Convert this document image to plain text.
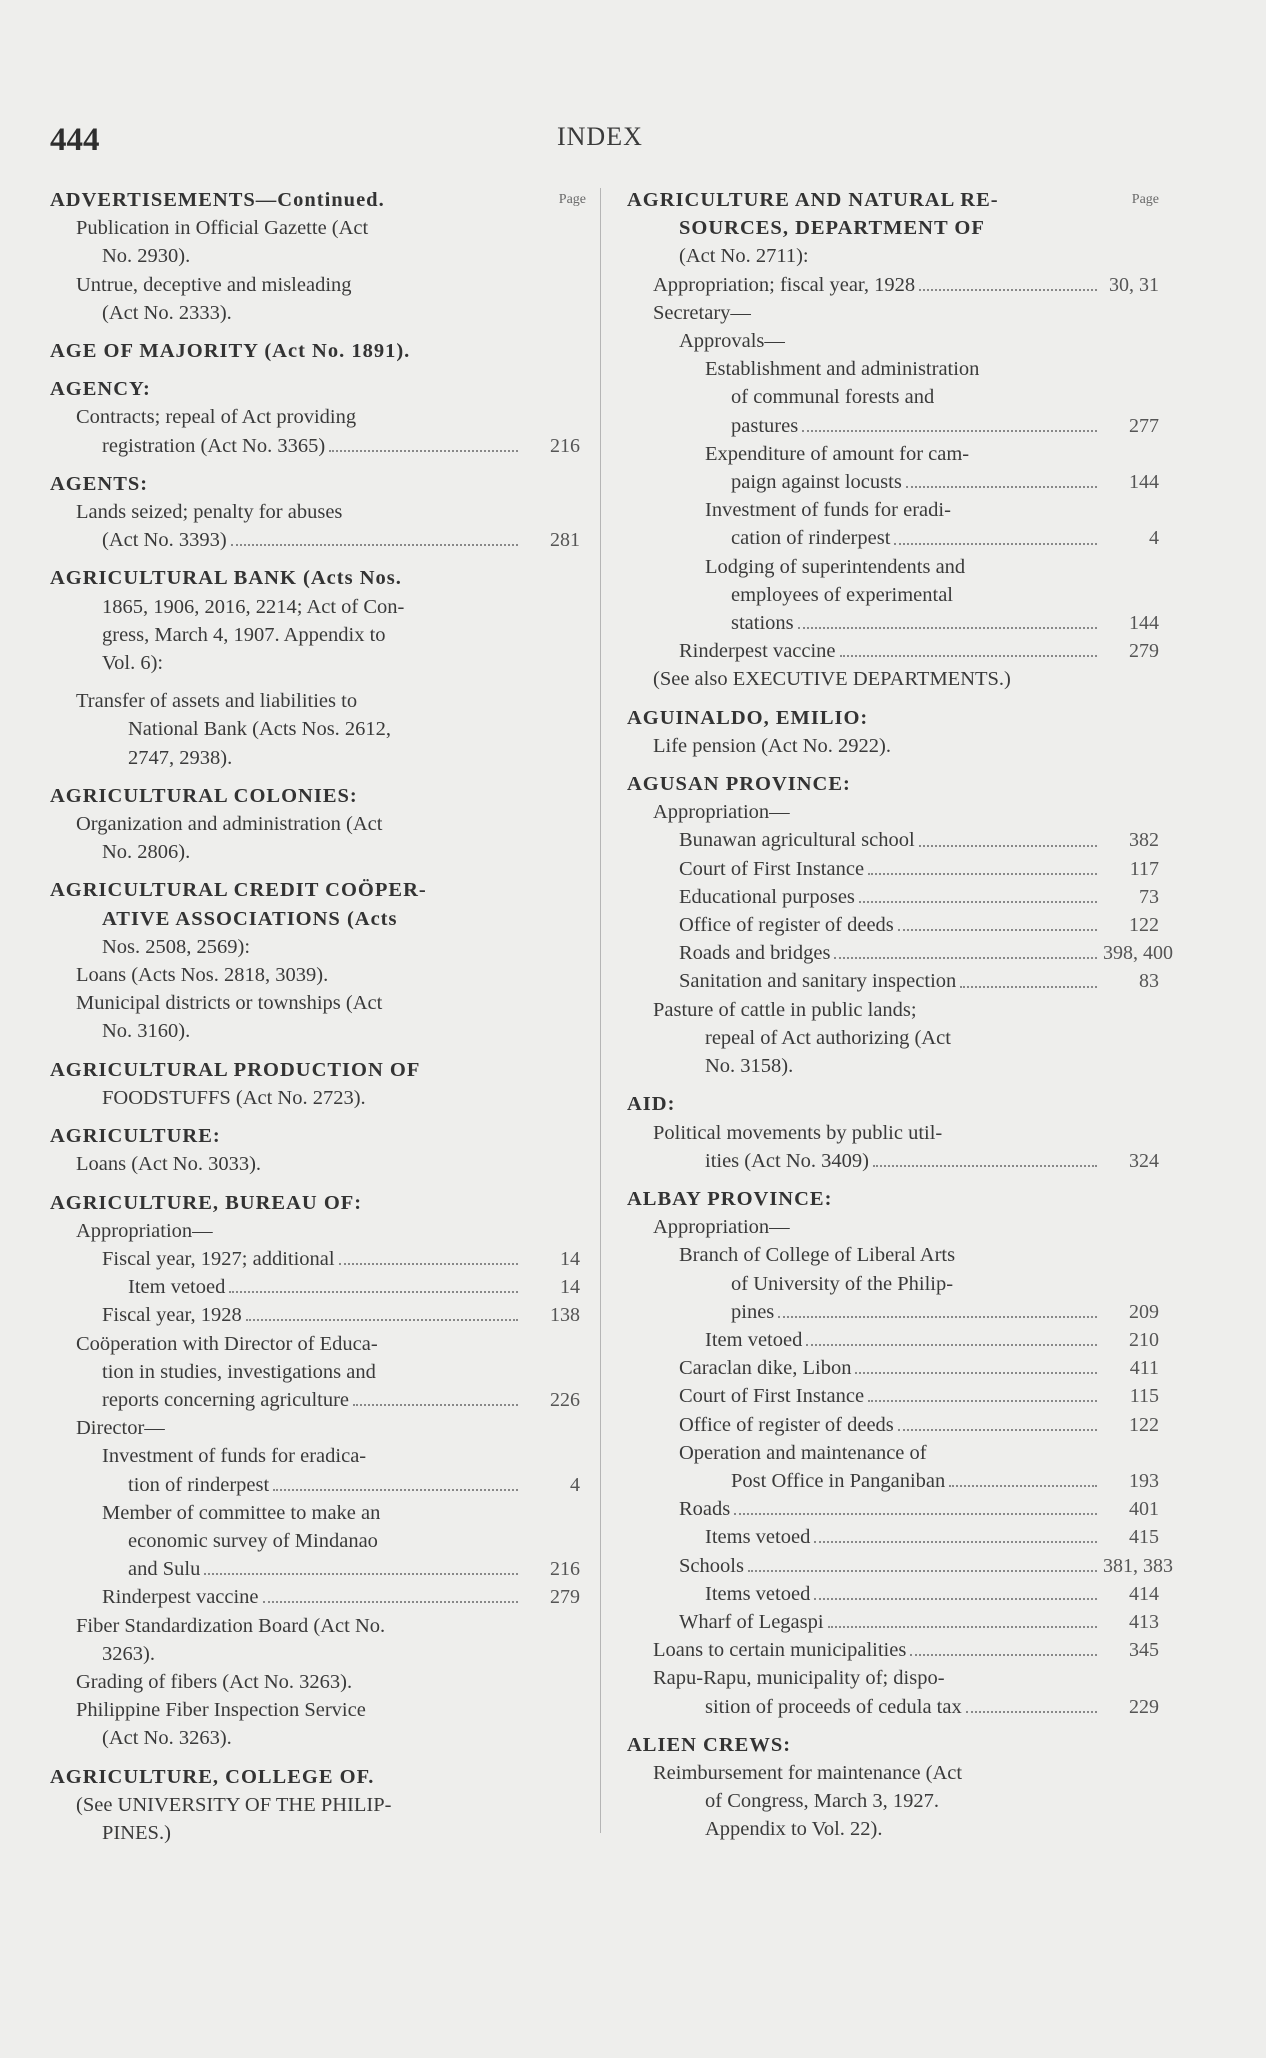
444	INDEX
Page
ADVERTISEMENTS—Continued.
Publication in Official Gazette (Act
No. 2930).
Untrue, deceptive and misleading
(Act No. 2333).
AGE OF MAJORITY (Act No. 1891).
AGENCY:
Contracts; repeal of Act providing
registration (Act No. 3365)	216
AGENTS:
Lands seized; penalty for abuses
(Act No. 3393)	281
AGRICULTURAL BANK (Acts Nos.
1865, 1906, 2016, 2214; Act of Con-
gress, March 4, 1907. Appendix to
Vol. 6):
Transfer of assets and liabilities to
National Bank (Acts Nos. 2612,
2747, 2938).
AGRICULTURAL COLONIES:
Organization and administration (Act
No. 2806).
AGRICULTURAL CREDIT COÖPER-
ATIVE ASSOCIATIONS (Acts
Nos. 2508, 2569):
Loans (Acts Nos. 2818, 3039).
Municipal districts or townships (Act
No. 3160).
AGRICULTURAL PRODUCTION OF
FOODSTUFFS (Act No. 2723).
AGRICULTURE:
Loans (Act No. 3033).
AGRICULTURE, BUREAU OF:
Appropriation—
Fiscal year, 1927; additional	14
Item vetoed	14
Fiscal year, 1928	138
Coöperation with Director of Educa-
tion in studies, investigations and
reports concerning agriculture	226
Director—
Investment of funds for eradica-
tion of rinderpest	4
Member of committee to make an
economic survey of Mindanao
and Sulu	216
Rinderpest vaccine	279
Fiber Standardization Board (Act No.
3263).
Grading of fibers (Act No. 3263).
Philippine Fiber Inspection Service
(Act No. 3263).
AGRICULTURE, COLLEGE OF.
(See UNIVERSITY OF THE PHILIP-
PINES.)
Page
AGRICULTURE AND NATURAL RE-
SOURCES, DEPARTMENT OF
(Act No. 2711):
Appropriation; fiscal year, 1928	30, 31
Secretary—
Approvals—
Establishment and administration
of communal forests and
pastures	277
Expenditure of amount for cam-
paign against locusts	144
Investment of funds for eradi-
cation of rinderpest	4
Lodging of superintendents and
employees of experimental
stations	144
Rinderpest vaccine	279
(See also EXECUTIVE DEPARTMENTS.)
AGUINALDO, EMILIO:
Life pension (Act No. 2922).
AGUSAN PROVINCE:
Appropriation—
Bunawan agricultural school	382
Court of First Instance	117
Educational purposes	73
Office of register of deeds	122
Roads and bridges	398, 400
Sanitation and sanitary inspection	83
Pasture of cattle in public lands;
repeal of Act authorizing (Act
No. 3158).
AID:
Political movements by public util-
ities (Act No. 3409)	324
ALBAY PROVINCE:
Appropriation—
Branch of College of Liberal Arts
of University of the Philip-
pines	209
Item vetoed	210
Caraclan dike, Libon	411
Court of First Instance	115
Office of register of deeds	122
Operation and maintenance of
Post Office in Panganiban	193
Roads	401
Items vetoed	415
Schools	381, 383
Items vetoed	414
Wharf of Legaspi	413
Loans to certain municipalities	345
Rapu-Rapu, municipality of; dispo-
sition of proceeds of cedula tax	229
ALIEN CREWS:
Reimbursement for maintenance (Act
of Congress, March 3, 1927.
Appendix to Vol. 22).
